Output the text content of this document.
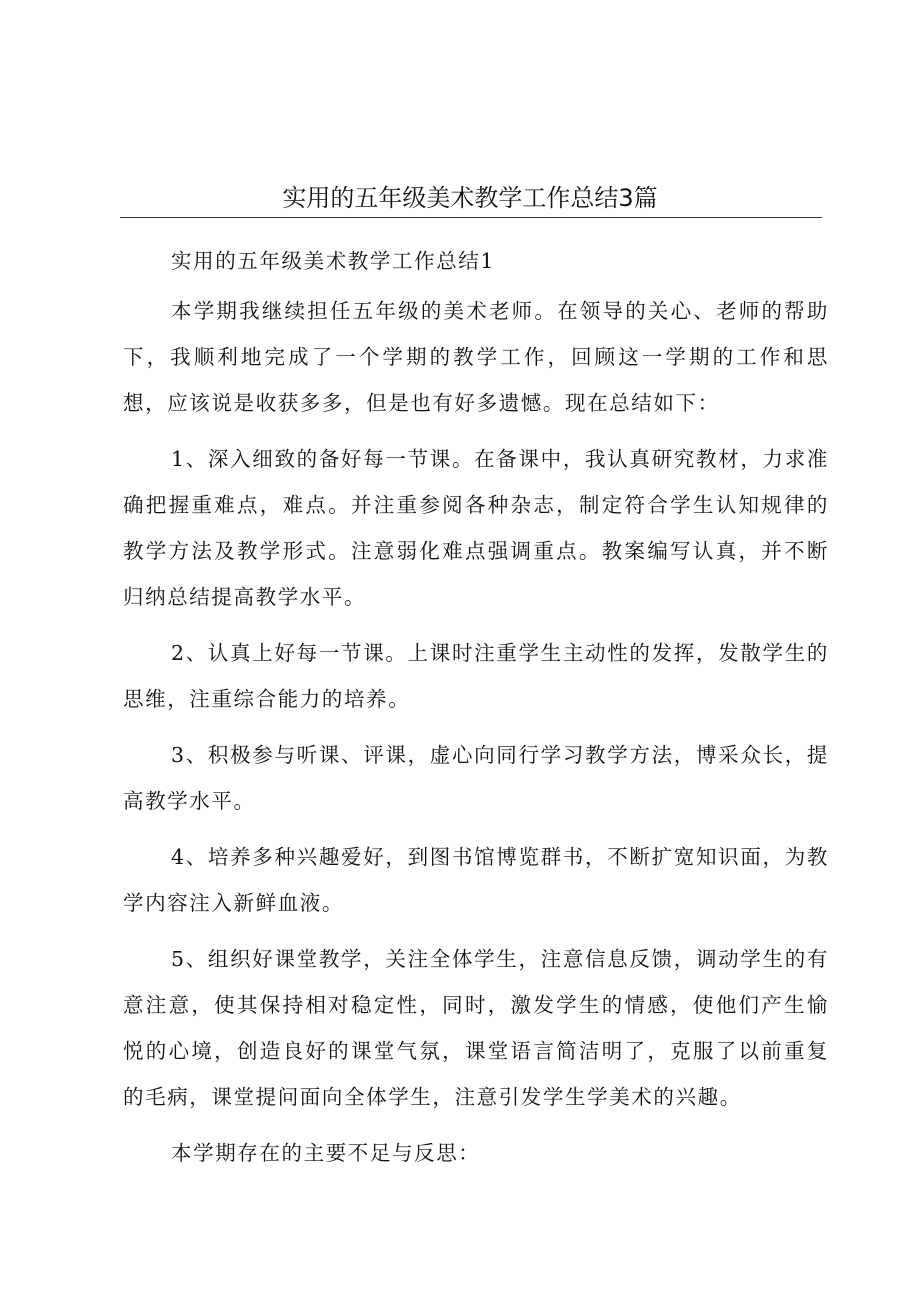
实用的五年级美术教学工作总结3篇

实用的五年级美术教学工作总结1

本学期我继续担任五年级的美术老师。在领导的关心、老师的帮助下，我顺利地完成了一个学期的教学工作，回顾这一学期的工作和思想，应该说是收获多多，但是也有好多遗憾。现在总结如下：

1、深入细致的备好每一节课。在备课中，我认真研究教材，力求准确把握重难点，难点。并注重参阅各种杂志，制定符合学生认知规律的教学方法及教学形式。注意弱化难点强调重点。教案编写认真，并不断归纳总结提高教学水平。

2、认真上好每一节课。上课时注重学生主动性的发挥，发散学生的思维，注重综合能力的培养。

3、积极参与听课、评课，虚心向同行学习教学方法，博采众长，提高教学水平。

4、培养多种兴趣爱好，到图书馆博览群书，不断扩宽知识面，为教学内容注入新鲜血液。

5、组织好课堂教学，关注全体学生，注意信息反馈，调动学生的有意注意，使其保持相对稳定性，同时，激发学生的情感，使他们产生愉悦的心境，创造良好的课堂气氛，课堂语言简洁明了，克服了以前重复的毛病，课堂提问面向全体学生，注意引发学生学美术的兴趣。

本学期存在的主要不足与反思：
